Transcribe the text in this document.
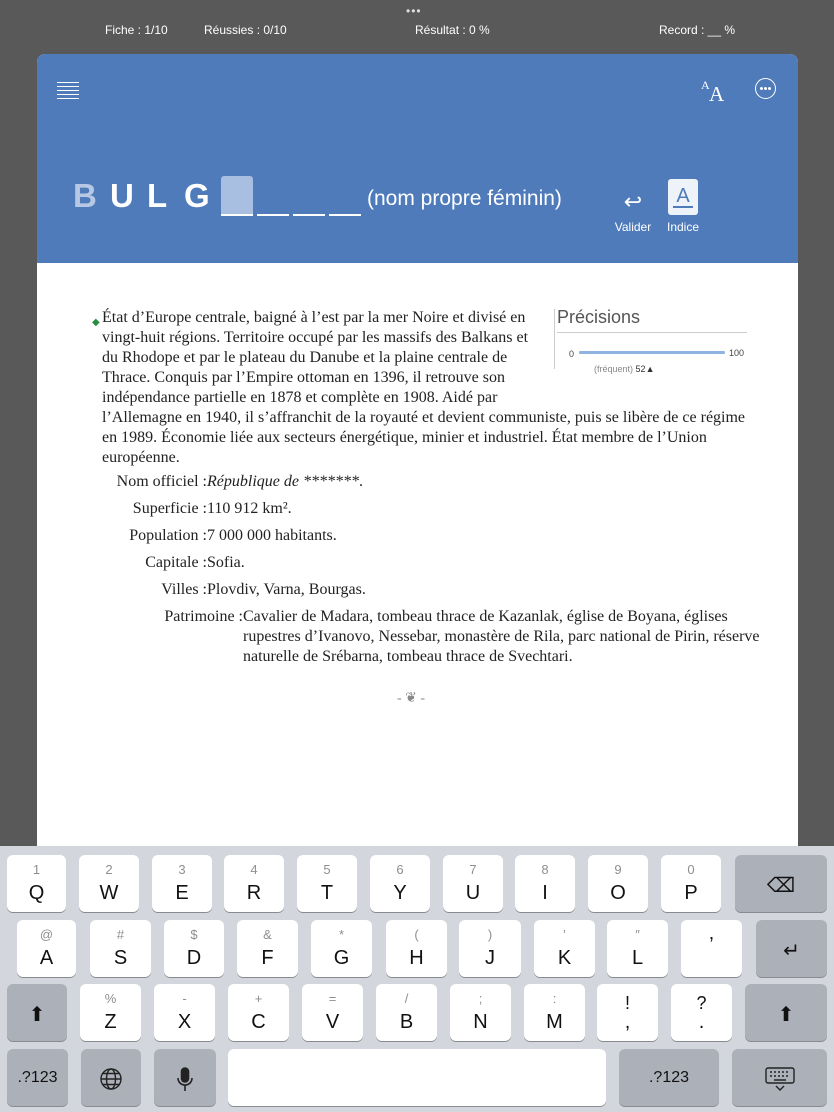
•••
Fiche : 1/10	Réussies : 0/10	Résultat : 0 %	Record : __ %
A A
B U L G	(nom propre féminin)	↩
Valider
A
Indice
◆	Précisions
0	100
(fréquent) 52▲
État d’Europe centrale, baigné à l’est par la mer Noire et divisé en vingt-huit régions. Territoire occupé par les massifs des Balkans et du Rhodope et par le plateau du Danube et la plaine centrale de Thrace. Conquis par l’Empire ottoman en 1396, il retrouve son indépendance partielle en 1878 et complète en 1908. Aidé par l’Allemagne en 1940, il s’affranchit de la royauté et devient communiste, puis se libère de ce régime en 1989. Économie liée aux secteurs énergétique, minier et industriel. État membre de l’Union européenne.
Nom officiel : République de *******.
Superficie : 110 912 km².
Population : 7 000 000 habitants.
Capitale : Sofia.
Villes : Plovdiv, Varna, Bourgas.
Patrimoine : Cavalier de Madara, tombeau thrace de Kazanlak, église de Boyana, églises rupestres d’Ivanovo, Nessebar, monastère de Rila, parc national de Pirin, réserve naturelle de Srébarna, tombeau thrace de Svechtari.
- ❦ -
1
Q
2
W
3
E
4
R
5
T
6
Y
7
U
8
I
9
O
0
P	⌫
@
A
#
S
$
D
&
F
*
G
(
H
)
J
’
K
″
L
’	↵
⬆
%
Z
-
X
+
C
=
V
/
B
;
N
:
M
!
,
?
.	⬆
.?123	.?123
